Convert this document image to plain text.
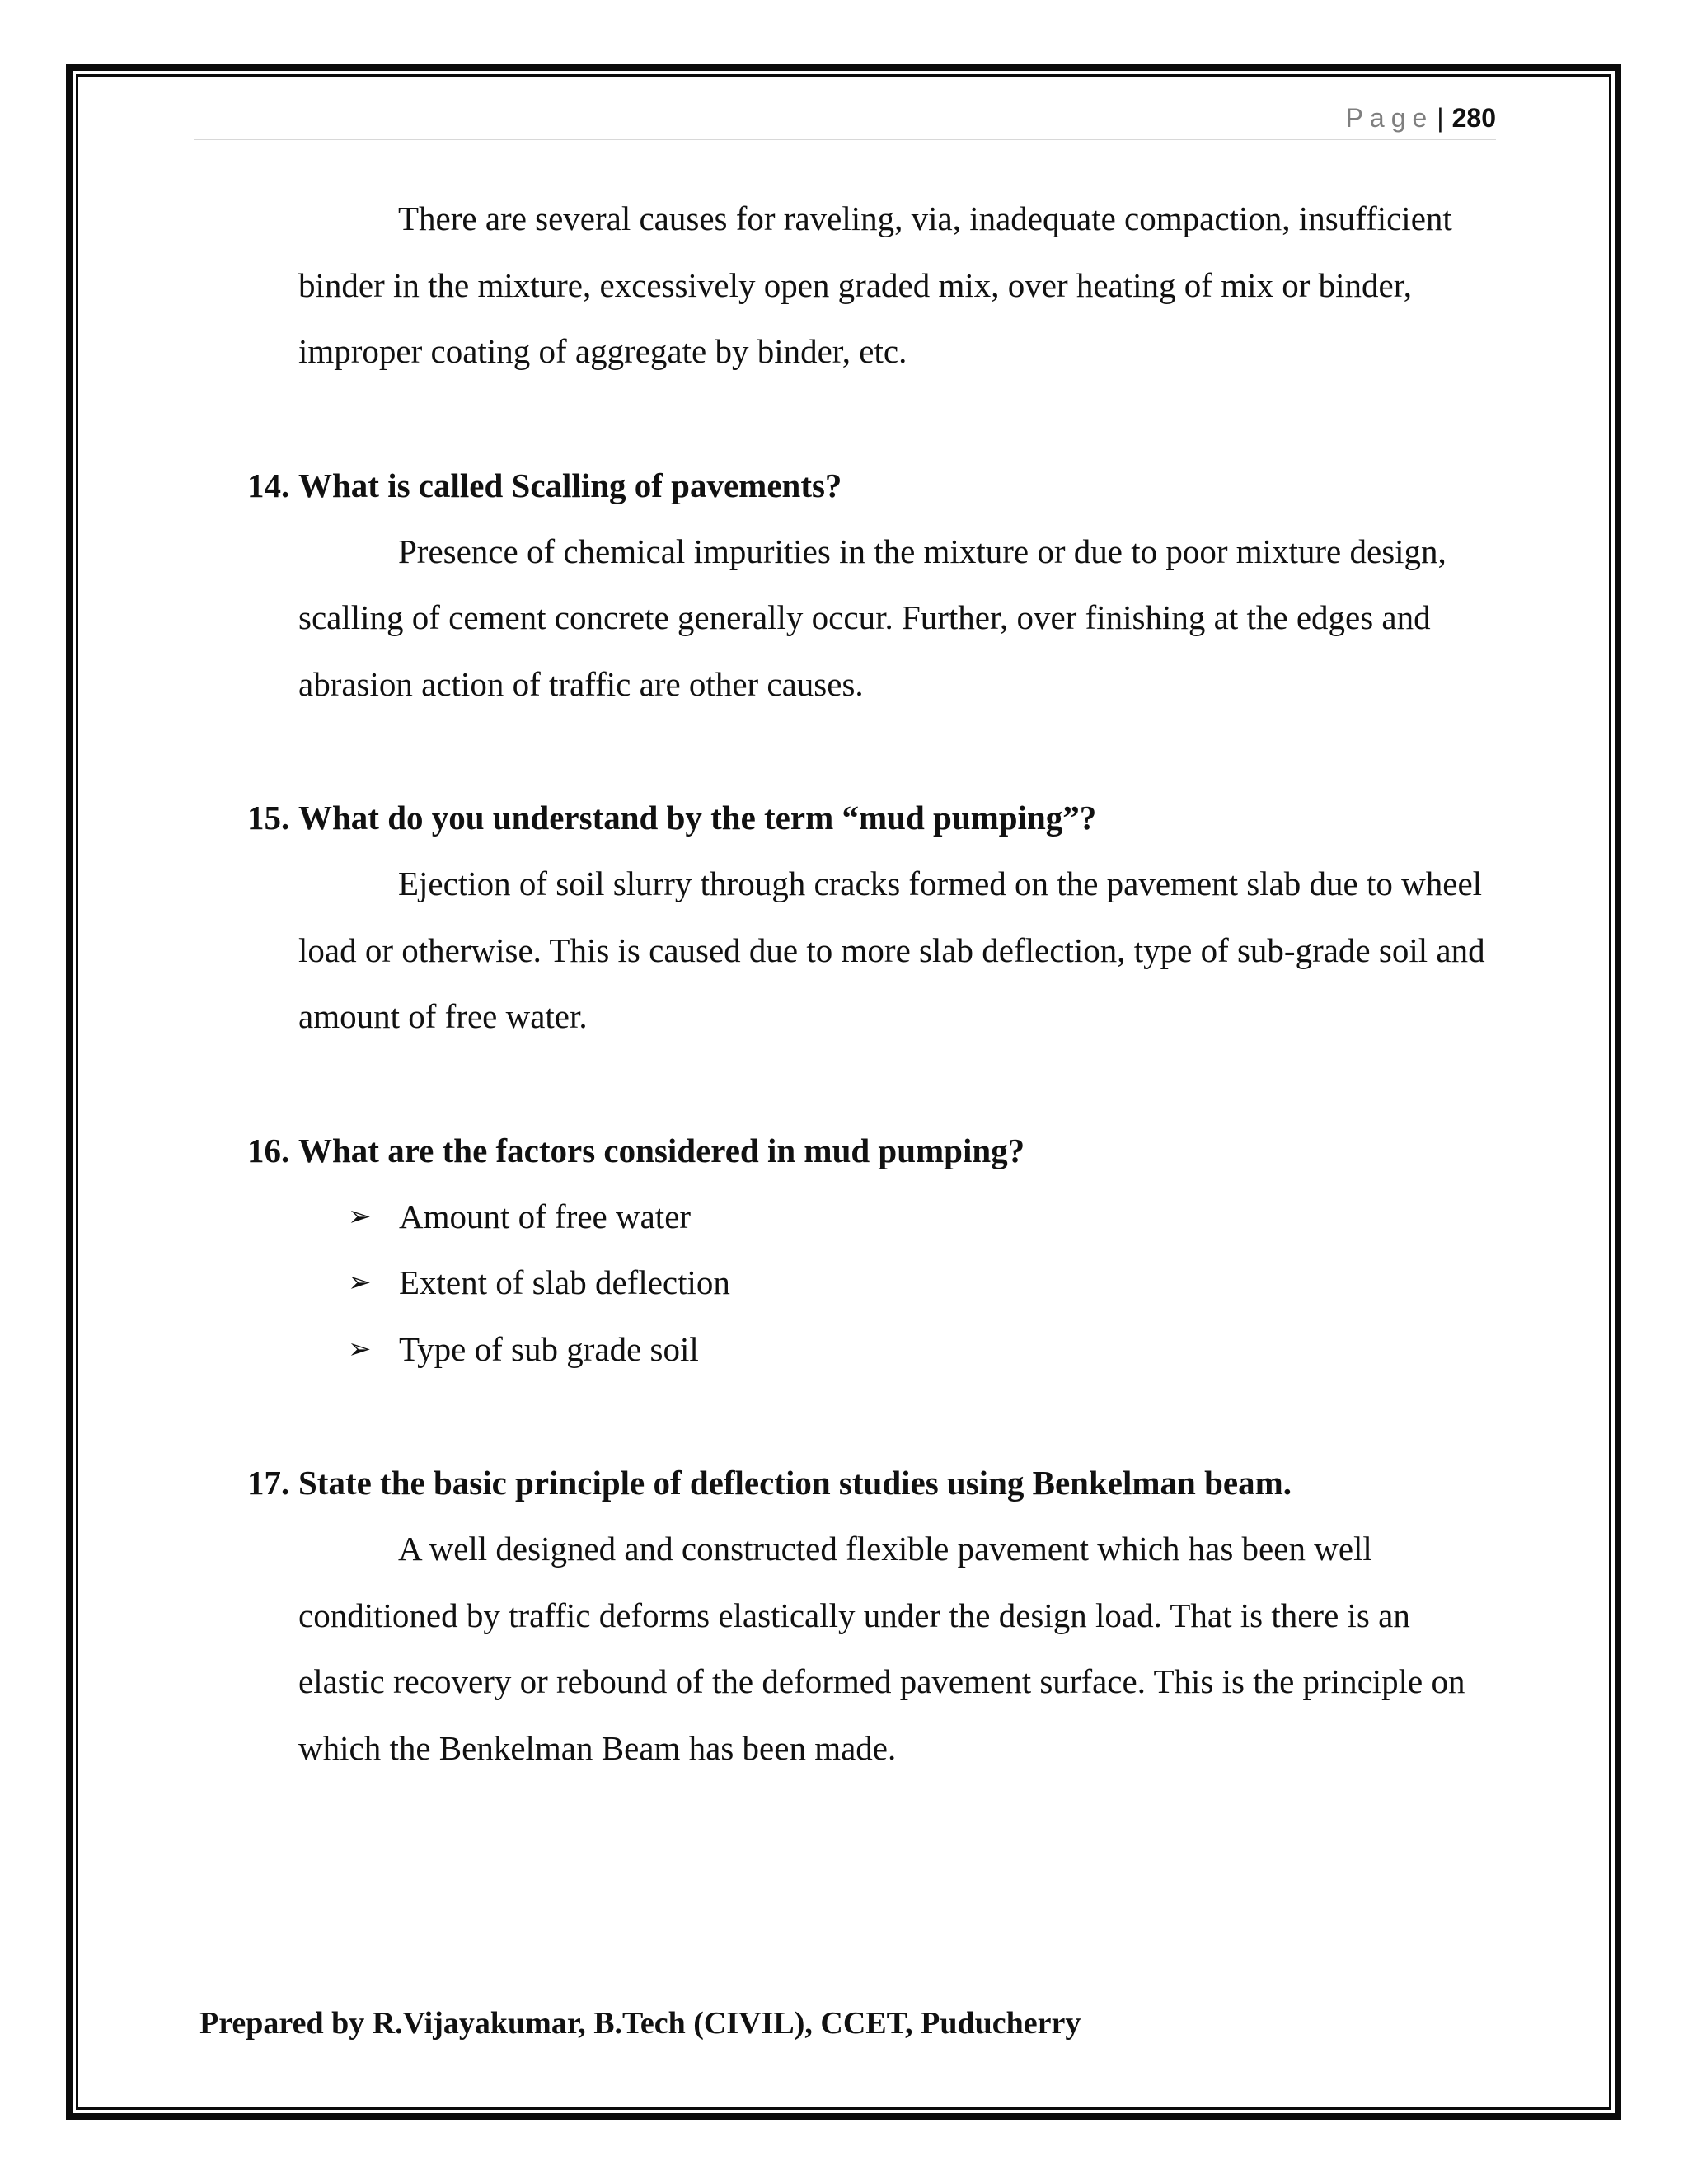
Page | 280

There are several causes for raveling, via, inadequate compaction, insufficient binder in the mixture, excessively open graded mix, over heating of mix or binder, improper coating of aggregate by binder, etc.

14. What is called Scalling of pavements?

Presence of chemical impurities in the mixture or due to poor mixture design, scalling of cement concrete generally occur. Further, over finishing at the edges and abrasion action of traffic are other causes.

15. What do you understand by the term “mud pumping”?

Ejection of soil slurry through cracks formed on the pavement slab due to wheel load or otherwise. This is caused due to more slab deflection, type of sub-grade soil and amount of free water.

16. What are the factors considered in mud pumping?
➢ Amount of free water
➢ Extent of slab deflection
➢ Type of sub grade soil
17. State the basic principle of deflection studies using Benkelman beam.

A well designed and constructed flexible pavement which has been well conditioned by traffic deforms elastically under the design load. That is there is an elastic recovery or rebound of the deformed pavement surface. This is the principle on which the Benkelman Beam has been made.

Prepared by R.Vijayakumar, B.Tech (CIVIL), CCET, Puducherry
